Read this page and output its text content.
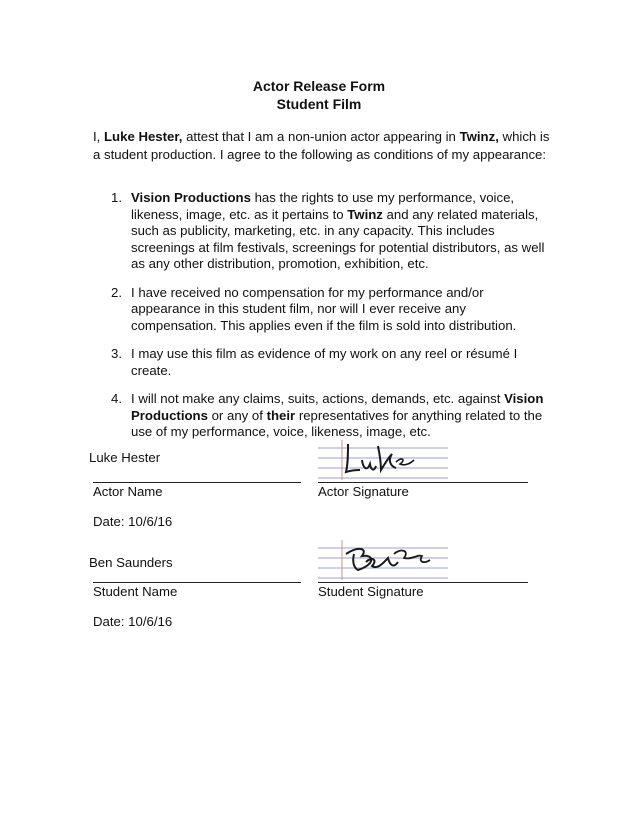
Actor Release Form
Student Film

I, Luke Hester, attest that I am a non-union actor appearing in Twinz, which is a student production. I agree to the following as conditions of my appearance:

1. Vision Productions has the rights to use my performance, voice, likeness, image, etc. as it pertains to Twinz and any related materials, such as publicity, marketing, etc. in any capacity. This includes screenings at film festivals, screenings for potential distributors, as well as any other distribution, promotion, exhibition, etc.
2. I have received no compensation for my performance and/or appearance in this student film, nor will I ever receive any compensation. This applies even if the film is sold into distribution.
3. I may use this film as evidence of my work on any reel or résumé I create.
4. I will not make any claims, suits, actions, demands, etc. against Vision Productions or any of their representatives for anything related to the use of my performance, voice, likeness, image, etc.
Luke Hester
Actor Name	Actor Signature
Date: 10/6/16
Ben Saunders
Student Name	Student Signature
Date: 10/6/16
